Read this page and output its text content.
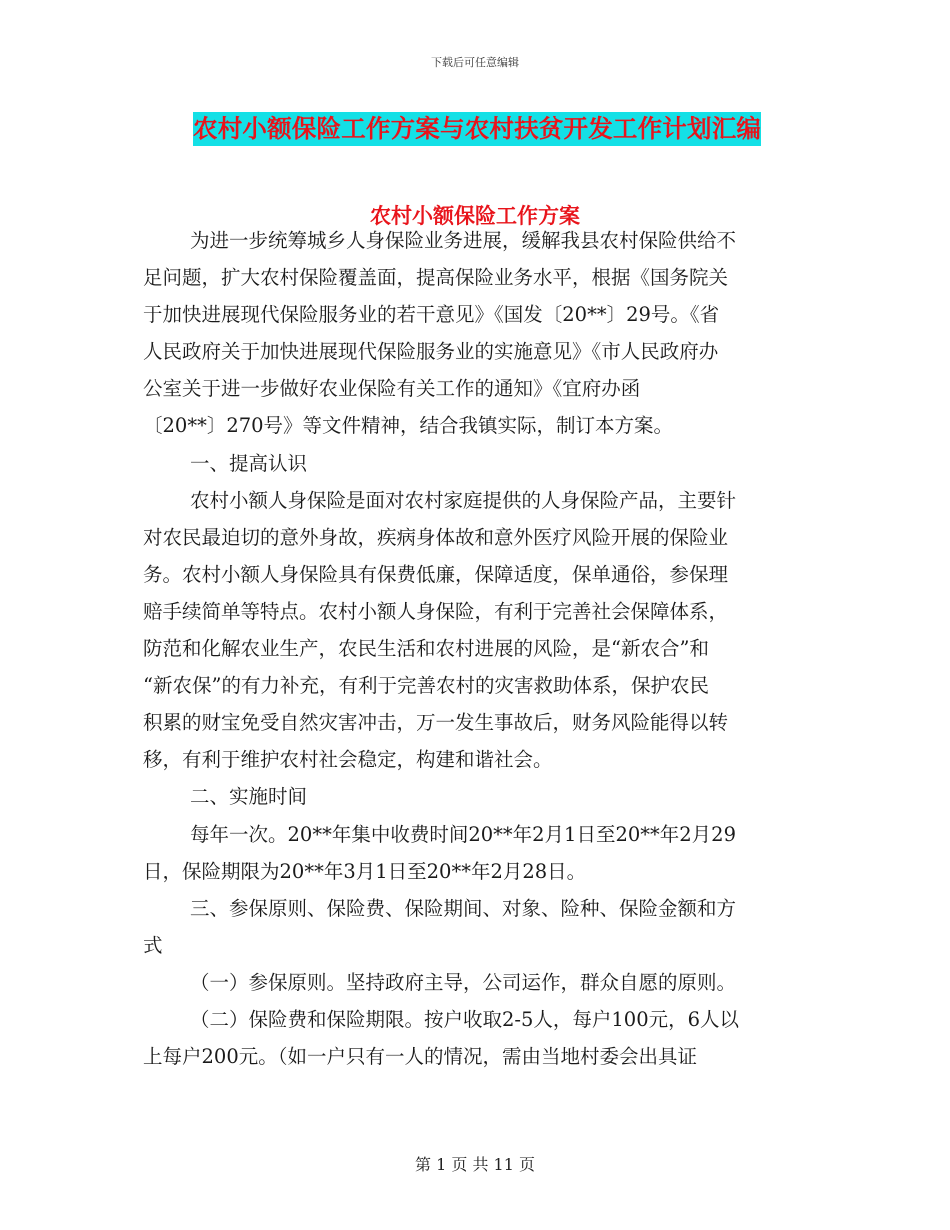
下载后可任意编辑
农村小额保险工作方案与农村扶贫开发工作计划汇编
农村小额保险工作方案
为进一步统筹城乡人身保险业务进展，缓解我县农村保险供给不
足问题，扩大农村保险覆盖面，提高保险业务水平，根据《国务院关
于加快进展现代保险服务业的若干意见》《国发〔20**〕29号。《省
人民政府关于加快进展现代保险服务业的实施意见》《市人民政府办
公室关于进一步做好农业保险有关工作的通知》《宜府办函
〔20**〕270号》等文件精神，结合我镇实际，制订本方案。
一、提高认识
农村小额人身保险是面对农村家庭提供的人身保险产品，主要针
对农民最迫切的意外身故，疾病身体故和意外医疗风险开展的保险业
务。农村小额人身保险具有保费低廉，保障适度，保单通俗，参保理
赔手续简单等特点。农村小额人身保险，有利于完善社会保障体系，
防范和化解农业生产，农民生活和农村进展的风险，是“新农合”和
“新农保”的有力补充，有利于完善农村的灾害救助体系，保护农民
积累的财宝免受自然灾害冲击，万一发生事故后，财务风险能得以转
移，有利于维护农村社会稳定，构建和谐社会。
二、实施时间
每年一次。20**年集中收费时间20**年2月1日至20**年2月29
日，保险期限为20**年3月1日至20**年2月28日。
三、参保原则、保险费、保险期间、对象、险种、保险金额和方
式
（一）参保原则。坚持政府主导，公司运作，群众自愿的原则。
（二）保险费和保险期限。按户收取2-5人，每户100元，6人以
上每户200元。（如一户只有一人的情况，需由当地村委会出具证
第 1 页 共 11 页
